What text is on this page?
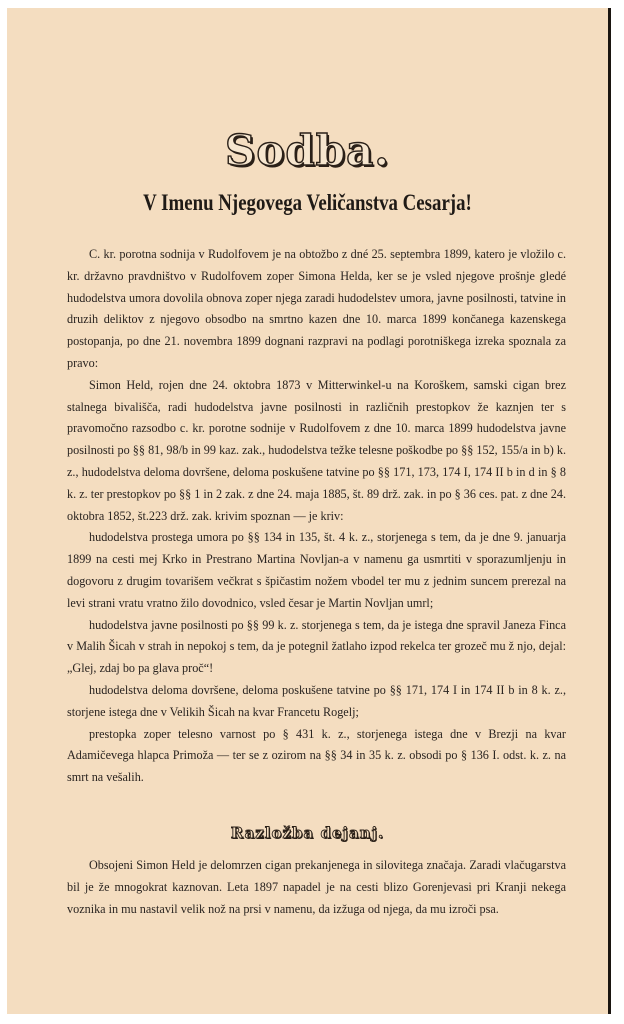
Sodba.
V Imenu Njegovega Veličanstva Cesarja!

C. kr. porotna sodnija v Rudolfovem je na obtožbo z dné 25. septembra 1899, katero je vložilo c. kr. državno pravdništvo v Rudolfovem zoper Simona Helda, ker se je vsled njegove prošnje gledé hudodelstva umora dovolila obnova zoper njega zaradi hudodelstev umora, javne posilnosti, tatvine in druzih deliktov z njegovo obsodbo na smrtno kazen dne 10. marca 1899 končanega kazenskega postopanja, po dne 21. novembra 1899 dognani razpravi na podlagi porotniškega izreka spoznala za pravo:

Simon Held, rojen dne 24. oktobra 1873 v Mitterwinkel-u na Koroškem, samski cigan brez stalnega bivališča, radi hudodelstva javne posilnosti in različnih prestopkov že kaznjen ter s pravomočno razsodbo c. kr. porotne sodnije v Rudolfovem z dne 10. marca 1899 hudodelstva javne posilnosti po §§ 81, 98/b in 99 kaz. zak., hudodelstva težke telesne poškodbe po §§ 152, 155/a in b) k. z., hudodelstva deloma dovršene, deloma poskušene tatvine po §§ 171, 173, 174 I, 174 II b in d in § 8 k. z. ter prestopkov po §§ 1 in 2 zak. z dne 24. maja 1885, št. 89 drž. zak. in po § 36 ces. pat. z dne 24. oktobra 1852, št.223 drž. zak. krivim spoznan — je kriv:

hudodelstva prostega umora po §§ 134 in 135, št. 4 k. z., storjenega s tem, da je dne 9. januarja 1899 na cesti mej Krko in Prestrano Martina Novljan-a v namenu ga usmrtiti v sporazumljenju in dogovoru z drugim tovarišem večkrat s špičastim nožem vbodel ter mu z jednim suncem prerezal na levi strani vratu vratno žilo dovodnico, vsled česar je Martin Novljan umrl;

hudodelstva javne posilnosti po §§ 99 k. z. storjenega s tem, da je istega dne spravil Janeza Finca v Malih Šicah v strah in nepokoj s tem, da je potegnil žatlaho izpod rekelca ter grozeč mu ž njo, dejal: „Glej, zdaj bo pa glava proč“!

hudodelstva deloma dovršene, deloma poskušene tatvine po §§ 171, 174 I in 174 II b in 8 k. z., storjene istega dne v Velikih Šicah na kvar Francetu Rogelj;

prestopka zoper telesno varnost po § 431 k. z., storjenega istega dne v Brezji na kvar Adamičevega hlapca Primoža — ter se z ozirom na §§ 34 in 35 k. z. obsodi po § 136 I. odst. k. z. na smrt na vešalih.

Razložba dejanj.

Obsojeni Simon Held je delomrzen cigan prekanjenega in silovitega značaja. Zaradi vlačugarstva bil je že mnogokrat kaznovan. Leta 1897 napadel je na cesti blizo Gorenjevasi pri Kranji nekega voznika in mu nastavil velik nož na prsi v namenu, da izžuga od njega, da mu izroči psa.
